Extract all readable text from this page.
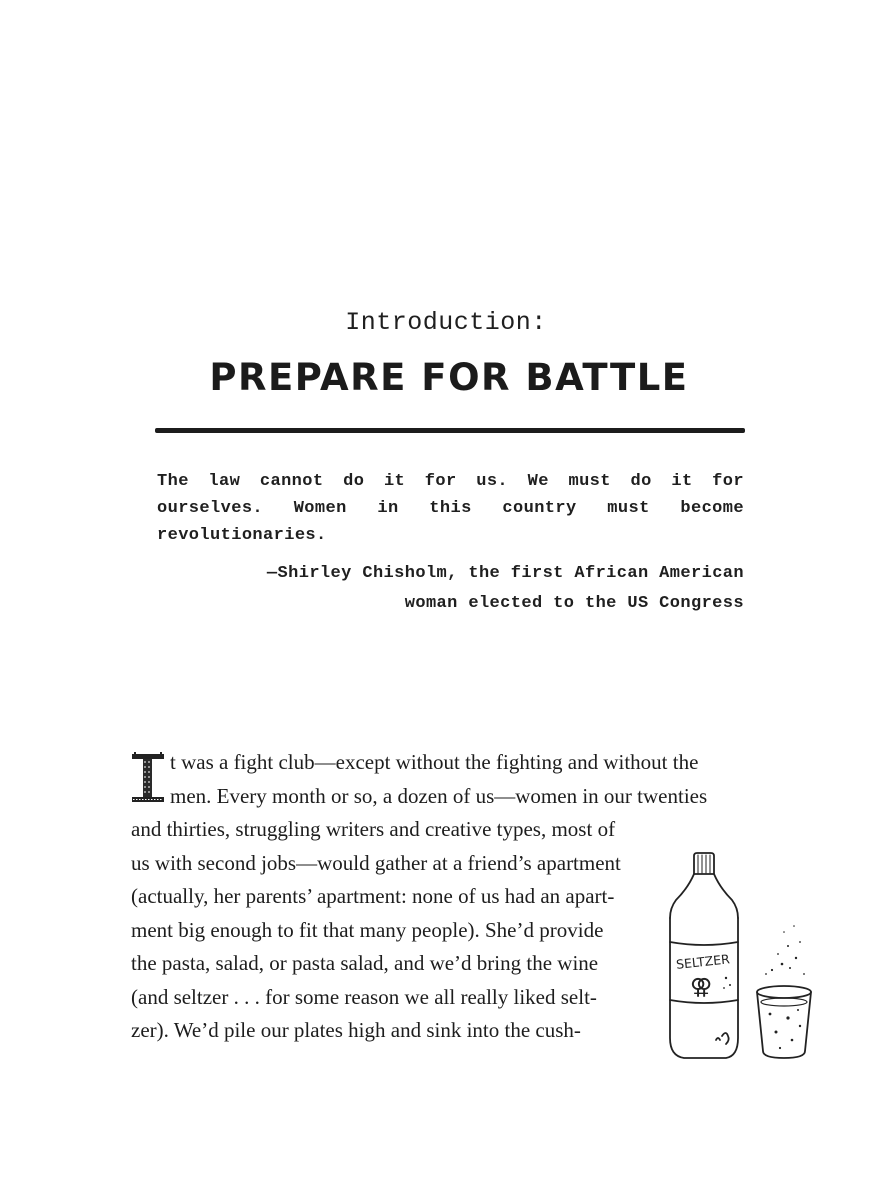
Introduction:
PREPARE FOR BATTLE

The law cannot do it for us. We must do it for ourselves. Women in this country must become revolutionaries.

—Shirley Chisholm, the first African American
woman elected to the US Congress

t was a fight club—except without the fighting and without the
men. Every month or so, a dozen of us—women in our twenties
and thirties, struggling writers and creative types, most of
us with second jobs—would gather at a friend’s apartment
(actually, her parents’ apartment: none of us had an apart-
ment big enough to fit that many people). She’d provide
the pasta, salad, or pasta salad, and we’d bring the wine
(and seltzer . . . for some reason we all really liked selt-
zer). We’d pile our plates high and sink into the cush-
SELTZER
⚢
